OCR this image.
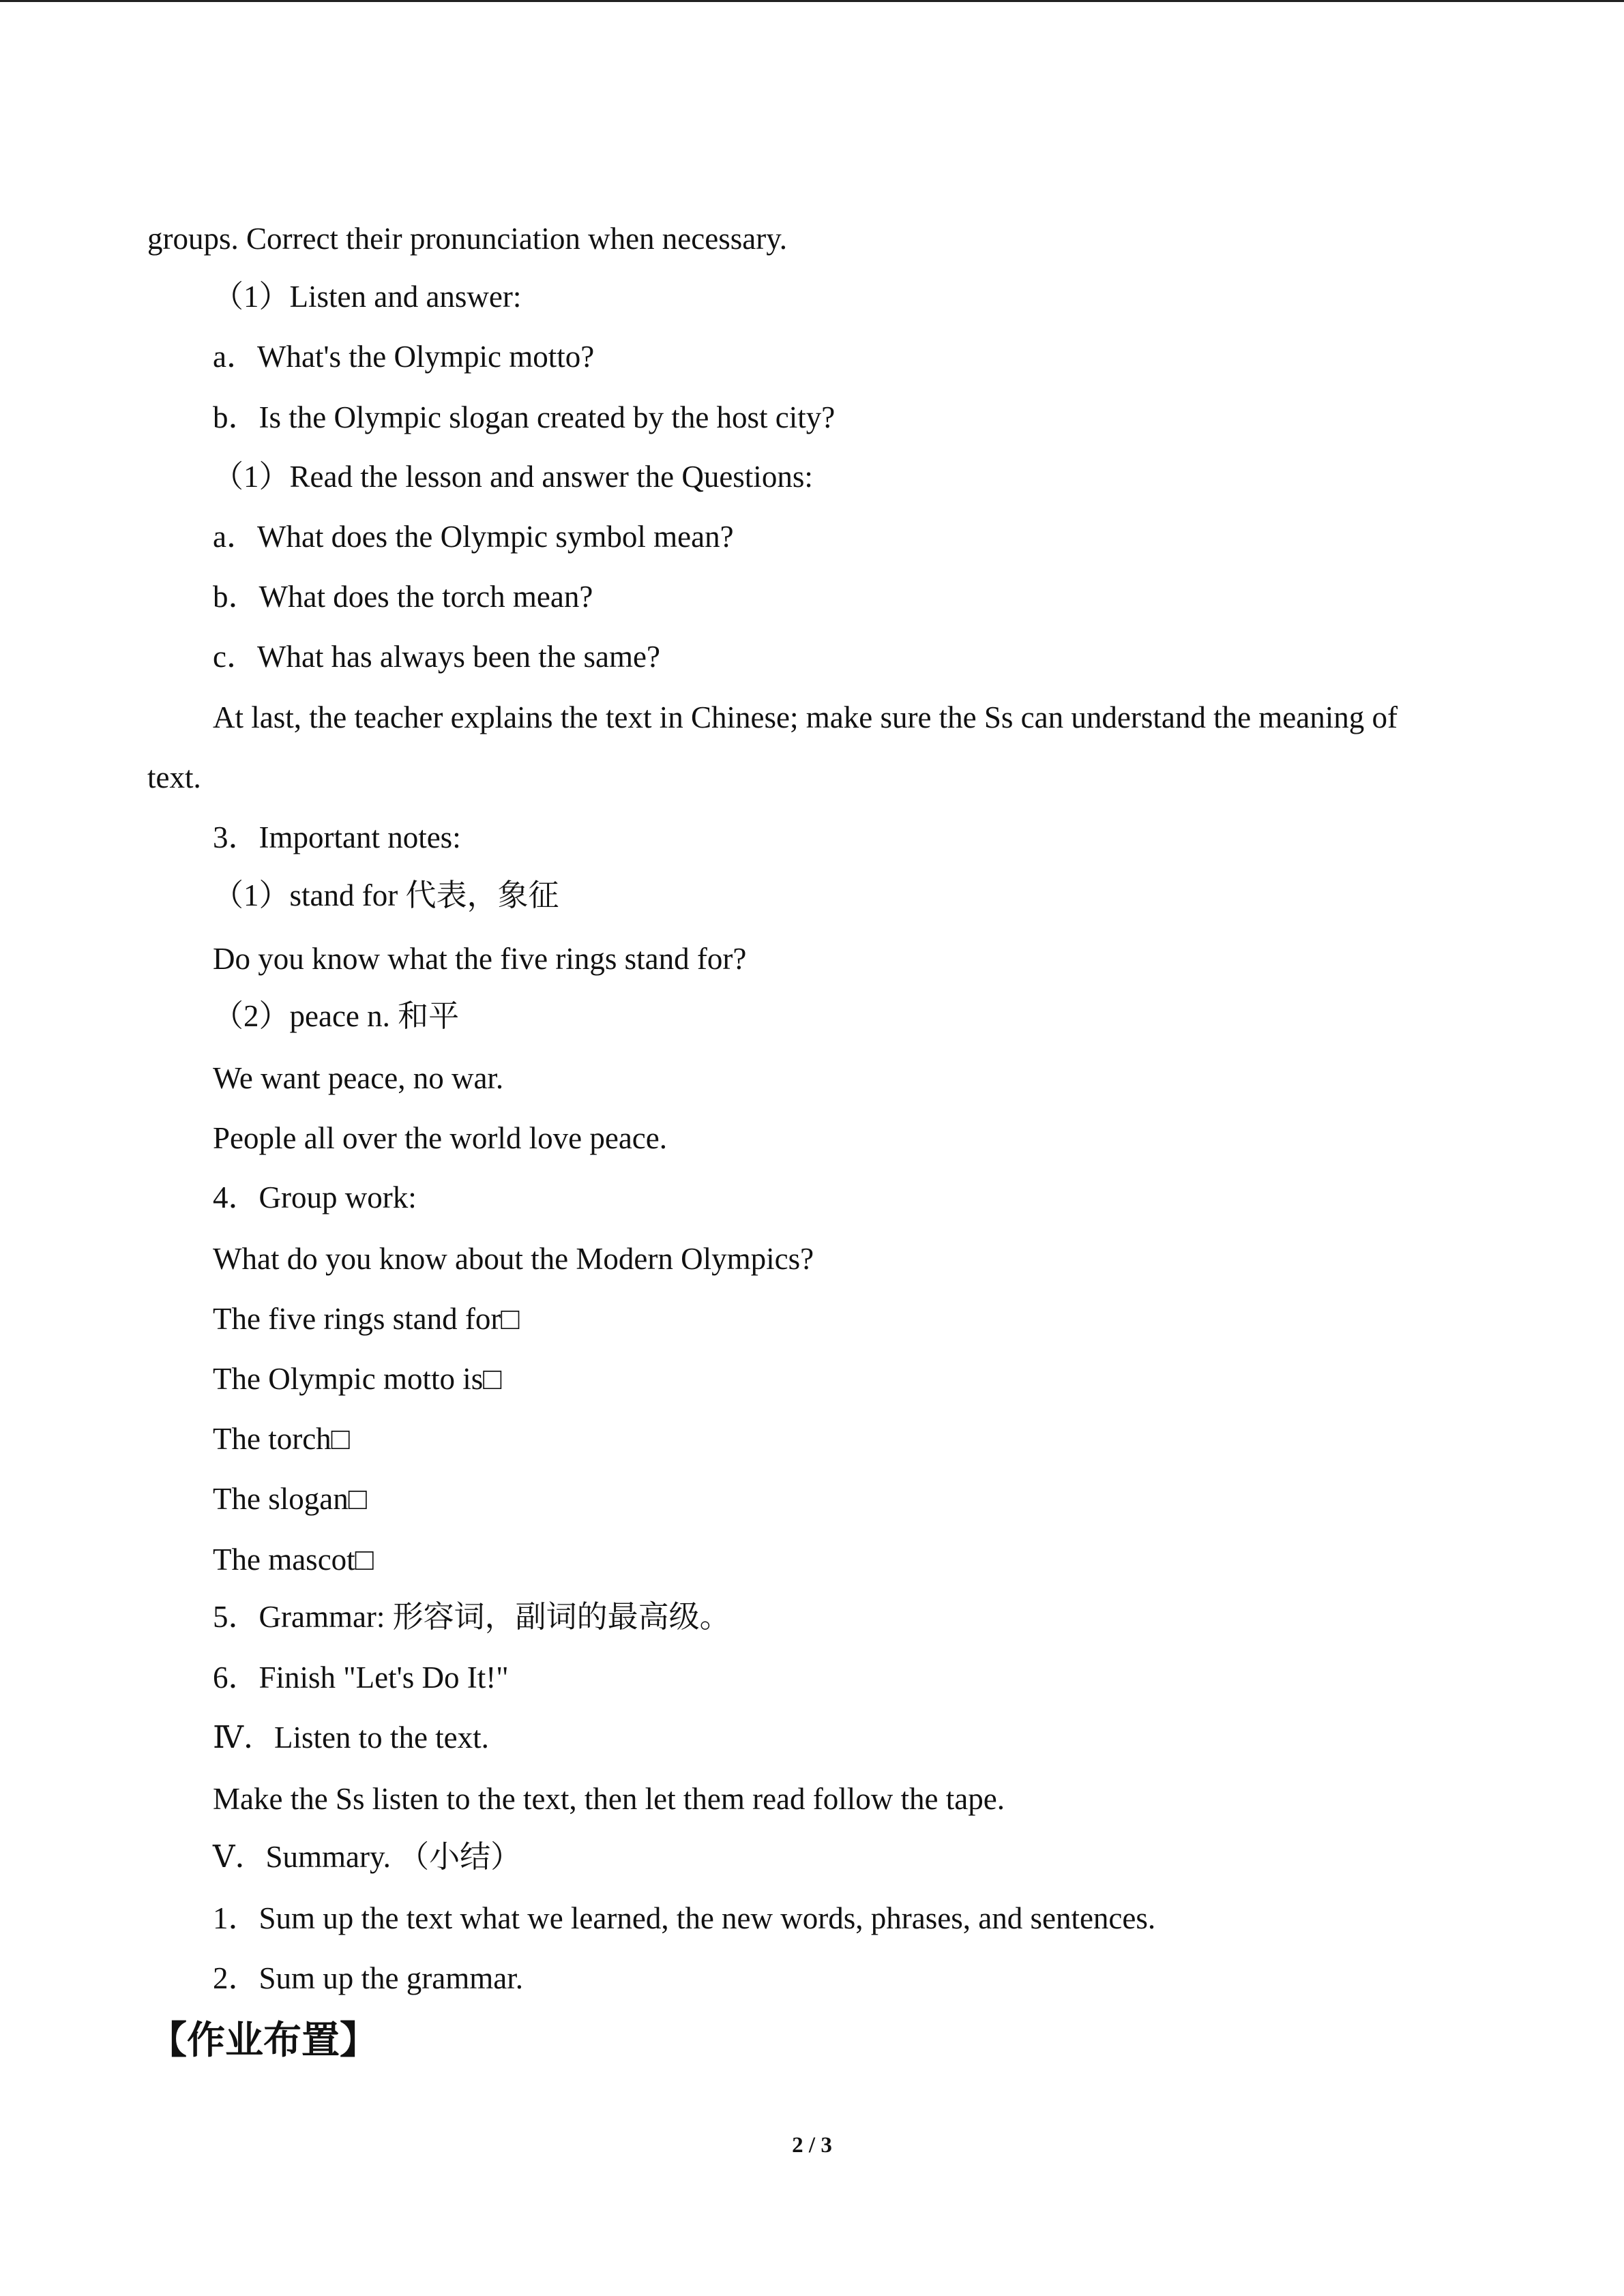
groups. Correct their pronunciation when necessary.
（1）Listen and answer:
a．What's the Olympic motto?
b．Is the Olympic slogan created by the host city?
（1）Read the lesson and answer the Questions:
a．What does the Olympic symbol mean?
b．What does the torch mean?
c．What has always been the same?
At last, the teacher explains the text in Chinese; make sure the Ss can understand the meaning of
text.
3．Important notes:
（1）stand for 代表，象征
Do you know what the five rings stand for?
（2）peace n. 和平
We want peace, no war.
People all over the world love peace.
4．Group work:
What do you know about the Modern Olympics?
The five rings stand for□
The Olympic motto is□
The torch□
The slogan□
The mascot□
5．Grammar: 形容词，副词的最高级。
6．Finish "Let's Do It!"
Ⅳ．Listen to the text.
Make the Ss listen to the text, then let them read follow the tape.
Ⅴ．Summary. （小结）
1．Sum up the text what we learned, the new words, phrases, and sentences.
2．Sum up the grammar.
【作业布置】
2 / 3
